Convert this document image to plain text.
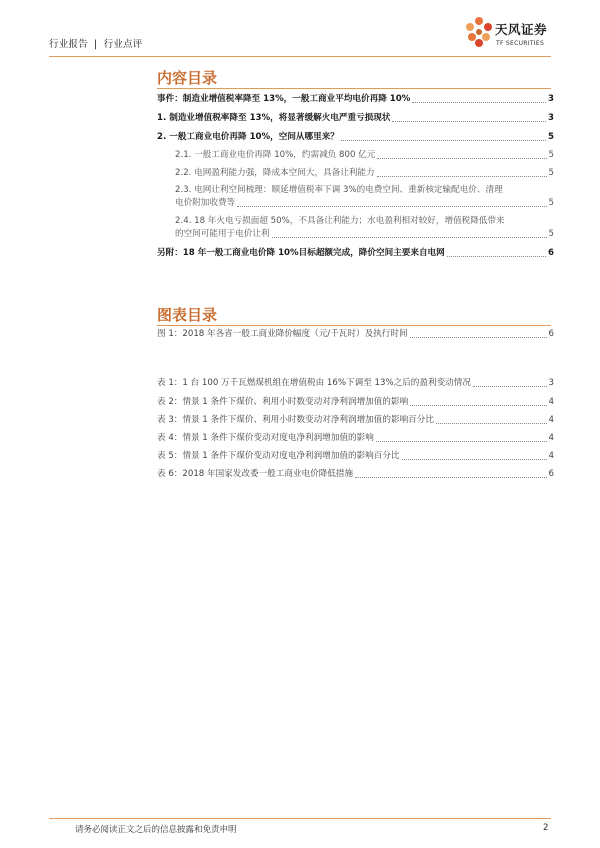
行业报告 | 行业点评
天风证券
TF SECURITIES
内容目录
事件：制造业增值税率降至 13%，一般工商业平均电价再降 10%	3
1. 制造业增值税率降至 13%，将显著缓解火电严重亏损现状	3
2. 一般工商业电价再降 10%，空间从哪里来？	5
2.1. 一般工商业电价再降 10%，约需减负 800 亿元	5
2.2. 电网盈利能力强，降成本空间大，具备让利能力	5
2.3. 电网让利空间梳理：顺延增值税率下调 3%的电费空间、重新核定输配电价、清理
电价附加收费等	5
2.4. 18 年火电亏损面超 50%，不具备让利能力；水电盈利相对较好，增值税降低带来
的空间可能用于电价让利	5
另附：18 年一般工商业电价降 10%目标超额完成，降价空间主要来自电网	6
图表目录
图 1：2018 年各省一般工商业降价幅度（元/千瓦时）及执行时间	6
表 1：1 台 100 万千瓦燃煤机组在增值税由 16%下调至 13%之后的盈利变动情况	3
表 2：情景 1 条件下煤价、利用小时数变动对净利润增加值的影响	4
表 3：情景 1 条件下煤价、利用小时数变动对净利润增加值的影响百分比	4
表 4：情景 1 条件下煤价变动对度电净利润增加值的影响	4
表 5：情景 1 条件下煤价变动对度电净利润增加值的影响百分比	4
表 6：2018 年国家发改委一般工商业电价降低措施	6
请务必阅读正文之后的信息披露和免责申明	2
